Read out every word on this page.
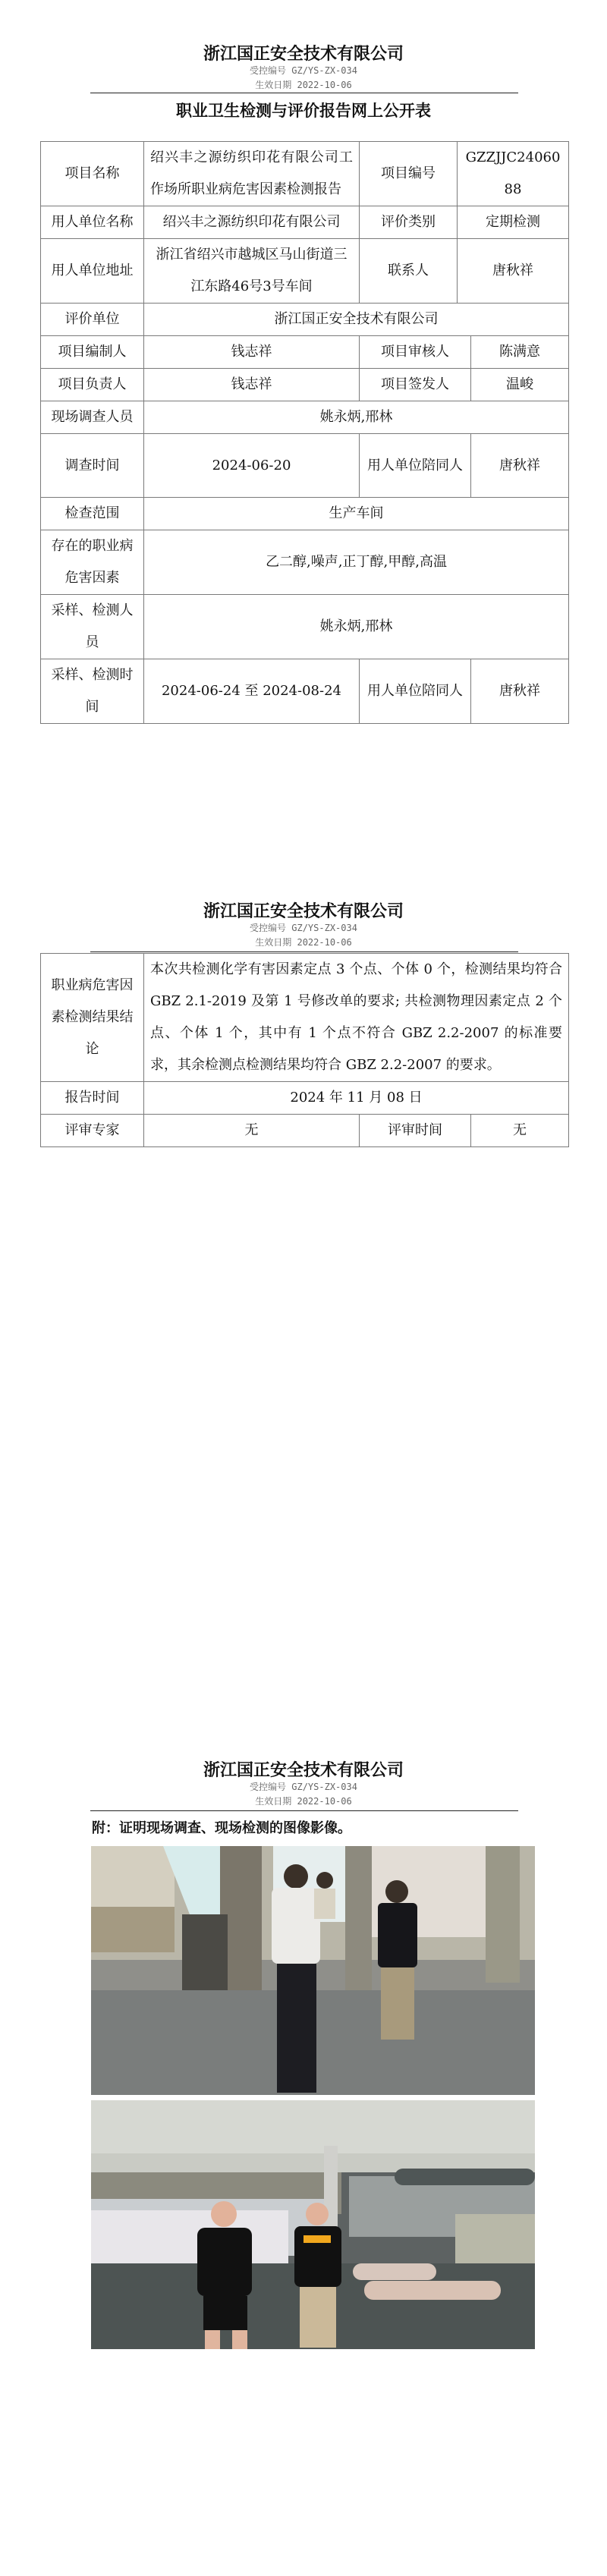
浙江国正安全技术有限公司
受控编号 GZ/YS-ZX-034
生效日期 2022-10-06
职业卫生检测与评价报告网上公开表
项目名称	绍兴丰之源纺织印花有限公司工作场所职业病危害因素检测报告	项目编号	GZZJJC2406088	
用人单位名称	绍兴丰之源纺织印花有限公司	评价类别	定期检测	
用人单位地址	浙江省绍兴市越城区马山街道三江东路46号3号车间	联系人	唐秋祥	
评价单位	浙江国正安全技术有限公司			
项目编制人	钱志祥	项目审核人		陈满意
项目负责人	钱志祥	项目签发人		温峻
现场调查人员	姚永炳,邢林			
调查时间	2024-06-20	用人单位陪同人		唐秋祥
检查范围	生产车间			
存在的职业病危害因素	乙二醇,噪声,正丁醇,甲醇,高温			
采样、检测人员	姚永炳,邢林			
采样、检测时间	2024-06-24 至 2024-08-24	用人单位陪同人		唐秋祥
浙江国正安全技术有限公司
受控编号 GZ/YS-ZX-034
生效日期 2022-10-06
职业病危害因素检测结果结论	本次共检测化学有害因素定点 3 个点、个体 0 个，检测结果均符合 GBZ 2.1-2019 及第 1 号修改单的要求; 共检测物理因素定点 2 个点、个体 1 个，其中有 1 个点不符合 GBZ 2.2-2007 的标准要求，其余检测点检测结果均符合 GBZ 2.2-2007 的要求。		
报告时间	2024 年 11 月 08 日		
评审专家	无	评审时间	无
浙江国正安全技术有限公司
受控编号 GZ/YS-ZX-034
生效日期 2022-10-06
附：证明现场调查、现场检测的图像影像。
